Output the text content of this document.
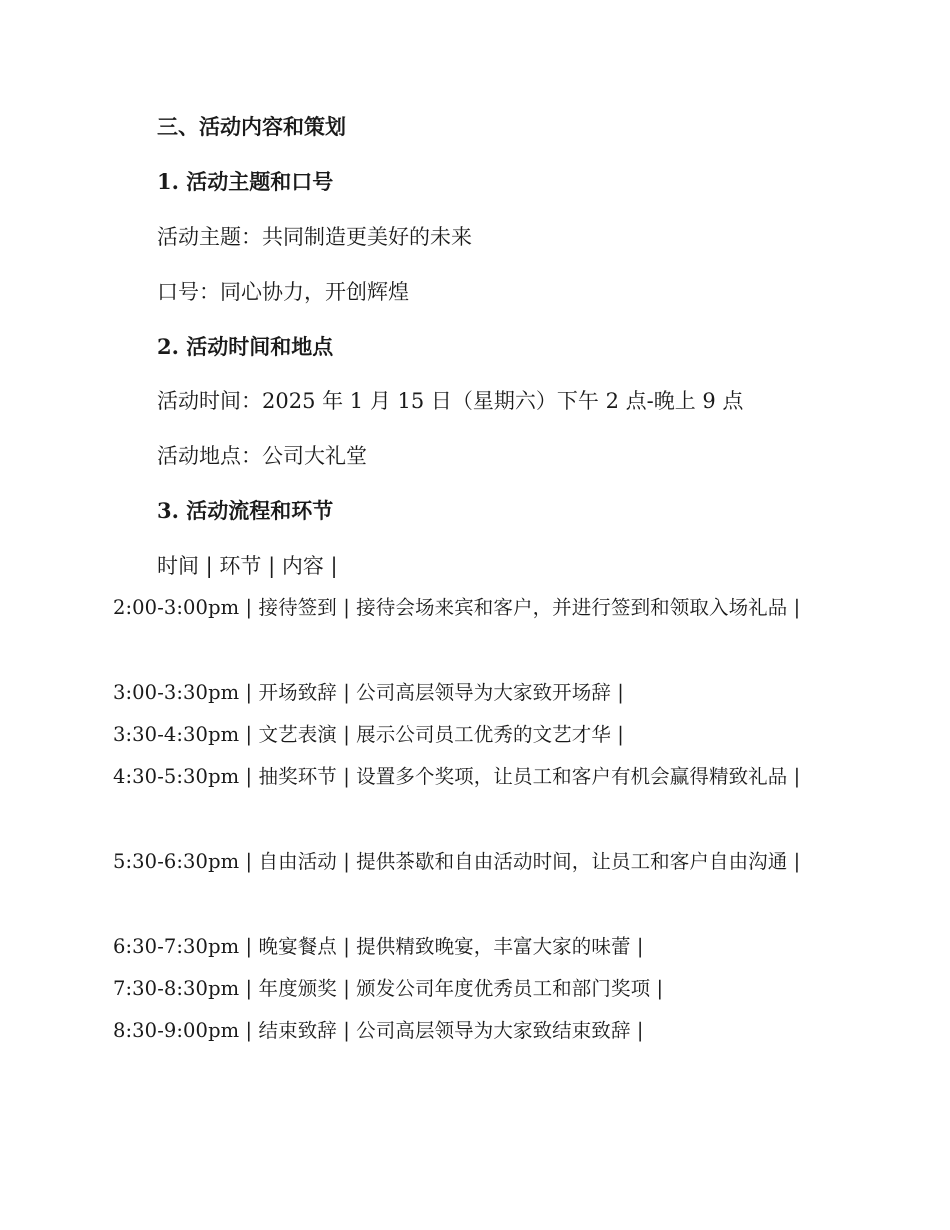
三、活动内容和策划
1. 活动主题和口号
活动主题：共同制造更美好的未来
口号：同心协力，开创辉煌
2. 活动时间和地点
活动时间：2025 年 1 月 15 日（星期六）下午 2 点-晚上 9 点
活动地点：公司大礼堂
3. 活动流程和环节
时间 | 环节 | 内容 |
2:00-3:00pm | 接待签到 | 接待会场来宾和客户，并进行签到和领取入场礼品 |
3:00-3:30pm | 开场致辞 | 公司高层领导为大家致开场辞 |
3:30-4:30pm | 文艺表演 | 展示公司员工优秀的文艺才华 |
4:30-5:30pm | 抽奖环节 | 设置多个奖项，让员工和客户有机会赢得精致礼品 |
5:30-6:30pm | 自由活动 | 提供茶歇和自由活动时间，让员工和客户自由沟通 |
6:30-7:30pm | 晚宴餐点 | 提供精致晚宴，丰富大家的味蕾 |
7:30-8:30pm | 年度颁奖 | 颁发公司年度优秀员工和部门奖项 |
8:30-9:00pm | 结束致辞 | 公司高层领导为大家致结束致辞 |
